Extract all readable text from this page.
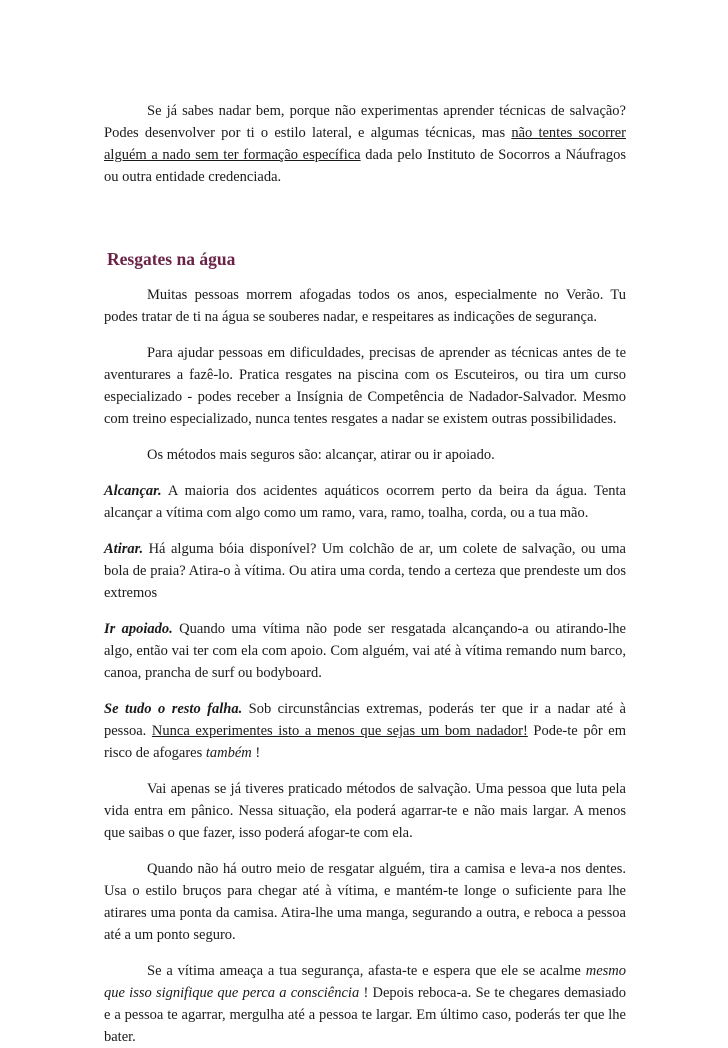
Se já sabes nadar bem, porque não experimentas aprender técnicas de salvação? Podes desenvolver por ti o estilo lateral, e algumas técnicas, mas não tentes socorrer alguém a nado sem ter formação específica dada pelo Instituto de Socorros a Náufragos ou outra entidade credenciada.

Resgates na água

Muitas pessoas morrem afogadas todos os anos, especialmente no Verão. Tu podes tratar de ti na água se souberes nadar, e respeitares as indicações de segurança.

Para ajudar pessoas em dificuldades, precisas de aprender as técnicas antes de te aventurares a fazê-lo. Pratica resgates na piscina com os Escuteiros, ou tira um curso especializado - podes receber a Insígnia de Competência de Nadador-Salvador. Mesmo com treino especializado, nunca tentes resgates a nadar se existem outras possibilidades.

Os métodos mais seguros são: alcançar, atirar ou ir apoiado.

Alcançar. A maioria dos acidentes aquáticos ocorrem perto da beira da água. Tenta alcançar a vítima com algo como um ramo, vara, ramo, toalha, corda, ou a tua mão.

Atirar. Há alguma bóia disponível? Um colchão de ar, um colete de salvação, ou uma bola de praia? Atira-o à vítima. Ou atira uma corda, tendo a certeza que prendeste um dos extremos

Ir apoiado. Quando uma vítima não pode ser resgatada alcançando-a ou atirando-lhe algo, então vai ter com ela com apoio. Com alguém, vai até à vítima remando num barco, canoa, prancha de surf ou bodyboard.

Se tudo o resto falha. Sob circunstâncias extremas, poderás ter que ir a nadar até à pessoa. Nunca experimentes isto a menos que sejas um bom nadador! Pode-te pôr em risco de afogares também !

Vai apenas se já tiveres praticado métodos de salvação. Uma pessoa que luta pela vida entra em pânico. Nessa situação, ela poderá agarrar-te e não mais largar. A menos que saibas o que fazer, isso poderá afogar-te com ela.

Quando não há outro meio de resgatar alguém, tira a camisa e leva-a nos dentes. Usa o estilo bruços para chegar até à vítima, e mantém-te longe o suficiente para lhe atirares uma ponta da camisa. Atira-lhe uma manga, segurando a outra, e reboca a pessoa até a um ponto seguro.

Se a vítima ameaça a tua segurança, afasta-te e espera que ele se acalme mesmo que isso signifique que perca a consciência ! Depois reboca-a. Se te chegares demasiado e a pessoa te agarrar, mergulha até a pessoa te largar. Em último caso, poderás ter que lhe bater.
